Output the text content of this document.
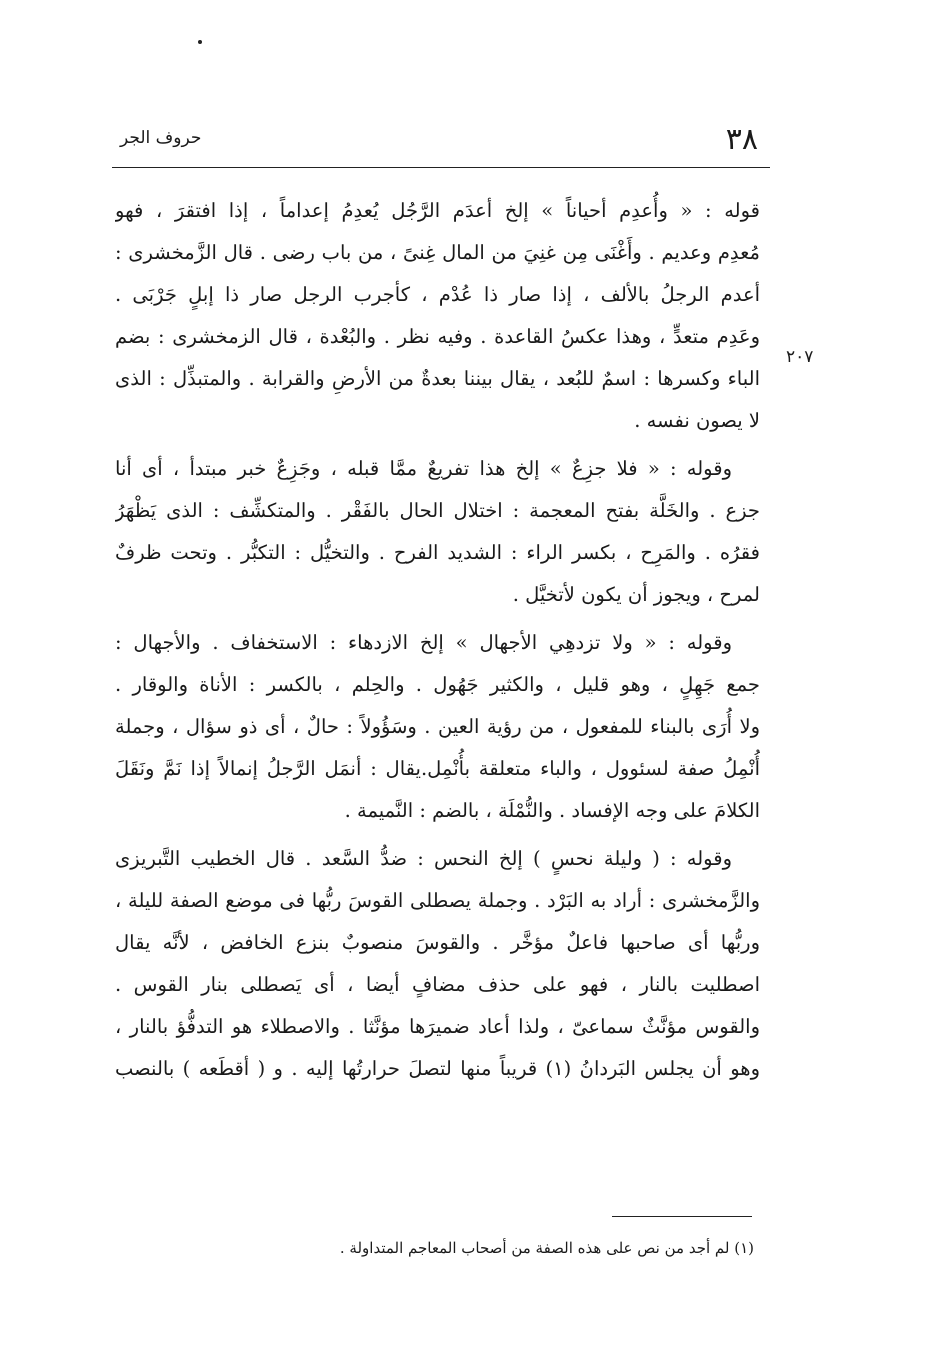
٣٨
حروف الجر
٢٠٧
قوله : « وأُعدِم أحياناً » إلخ أعدَم الرَّجُل يُعدِمُ إعداماً ، إذا افتقرَ ، فهو
مُعدِم وعديم . وأَغْنَى مِن غنِيَ من المال غِنىً ، من باب رضى . قال الزَّمخشرى :
أعدم الرجلُ بالألف ، إذا صار ذا عُدْم ، كأجرب الرجل صار ذا إبلٍ جَرْبَى .
وعَدِم متعدٍّ ، وهذا عكسُ القاعدة . وفيه نظر . والبُعْدة ، قال الزمخشرى : بضم
الباء وكسرها : اسمٌ للبُعد ، يقال بيننا بعدةٌ من الأرضِ والقرابة . والمتبذِّل : الذى
لا يصون نفسه .
وقوله : « فلا جزِعٌ » إلخ هذا تفريعٌ ممَّا قبله ، وجَزِعٌ خبر مبتدأ ، أى أنا
جزع . والخَلَّة بفتح المعجمة : اختلال الحال بالفَقْر . والمتكشِّف : الذى يَظْهَرُ
فقرُه . والمَرِح ، بكسر الراء : الشديد الفرح . والتخيُّل : التكبُّر . وتحت ظرفٌ
لمرح ، ويجوز أن يكون لأتخيَّل .
وقوله : « ولا تزدهِي الأجهال » إلخ الازدهاء : الاستخفاف . والأجهال :
جمع جَهِلٍ ، وهو قليل ، والكثير جَهُول . والحِلم ، بالكسر : الأناة والوقار .
ولا أُرَى بالبناء للمفعول ، من رؤية العين . وسَؤُولاً : حالٌ ، أى ذو سؤال ، وجملة
أُنْمِلُ صفة لسئوول ، والباء متعلقة بأُنْمِل.يقال : أنمَل الرَّجلُ إنمالاً إذا نَمَّ ونَقَلَ
الكلامَ على وجه الإفساد . والنُّمْلَة ، بالضم : النَّميمة .
وقوله : ( وليلة نحسٍ ) إلخ النحس : ضدُّ السَّعد . قال الخطيب التَّبريزى
والزَّمخشرى : أراد به البَرْد . وجملة يصطلى القوسَ ربُّها فى موضع الصفة لليلة ،
وربُّها أى صاحبها فاعلٌ مؤخَّر . والقوسَ منصوبٌ بنزع الخافض ، لأنَّه يقال
اصطليت بالنار ، فهو على حذف مضافٍ أيضا ، أى يَصطلى بنار القوس .
والقوس مؤنَّثٌ سماعىّ ، ولذا أعاد ضميرَها مؤنَّثا . والاصطلاء هو التدفُّؤ بالنار ،
وهو أن يجلس البَردانُ (١) قريباً منها لتصلَ حرارتُها إليه . و ( أقطَعه ) بالنصب
(١) لم أجد من نص على هذه الصفة من أصحاب المعاجم المتداولة .
